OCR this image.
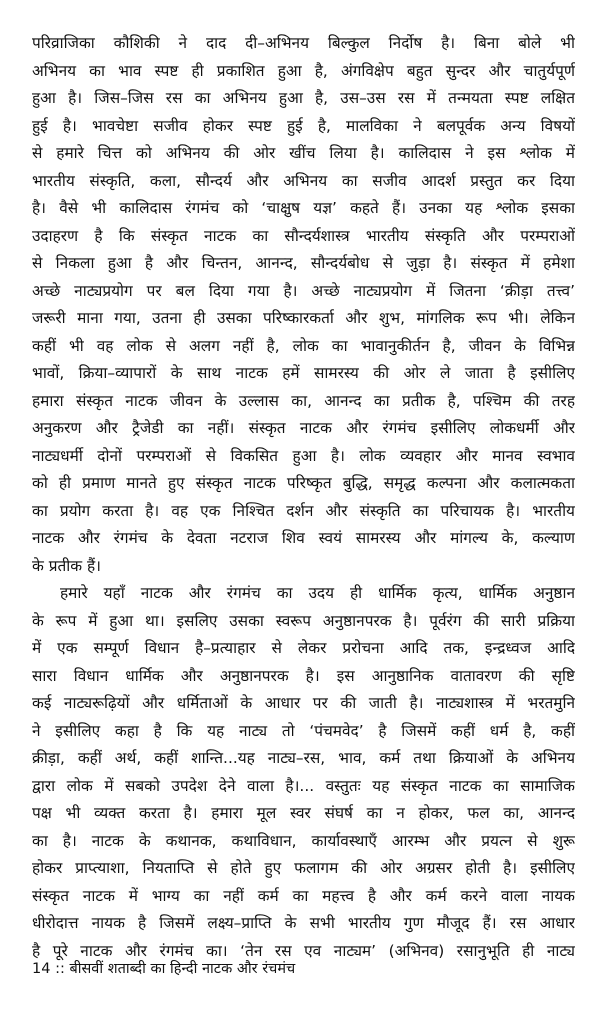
परिव्राजिका कौशिकी ने दाद दी–अभिनय बिल्कुल निर्दोष है। बिना बोले भी
अभिनय का भाव स्पष्ट ही प्रकाशित हुआ है, अंगविक्षेप बहुत सुन्दर और चातुर्यपूर्ण
हुआ है। जिस–जिस रस का अभिनय हुआ है, उस–उस रस में तन्मयता स्पष्ट लक्षित
हुई है। भावचेष्टा सजीव होकर स्पष्ट हुई है, मालविका ने बलपूर्वक अन्य विषयों
से हमारे चित्त को अभिनय की ओर खींच लिया है। कालिदास ने इस श्लोक में
भारतीय संस्कृति, कला, सौन्दर्य और अभिनय का सजीव आदर्श प्रस्तुत कर दिया
है। वैसे भी कालिदास रंगमंच को ‘चाक्षुष यज्ञ’ कहते हैं। उनका यह श्लोक इसका
उदाहरण है कि संस्कृत नाटक का सौन्दर्यशास्त्र भारतीय संस्कृति और परम्पराओं
से निकला हुआ है और चिन्तन, आनन्द, सौन्दर्यबोध से जुड़ा है। संस्कृत में हमेशा
अच्छे नाट्यप्रयोग पर बल दिया गया है। अच्छे नाट्यप्रयोग में जितना ‘क्रीड़ा तत्त्व’
जरूरी माना गया, उतना ही उसका परिष्कारकर्ता और शुभ, मांगलिक रूप भी। लेकिन
कहीं भी वह लोक से अलग नहीं है, लोक का भावानुकीर्तन है, जीवन के विभिन्न
भावों, क्रिया–व्यापारों के साथ नाटक हमें सामरस्य की ओर ले जाता है इसीलिए
हमारा संस्कृत नाटक जीवन के उल्लास का, आनन्द का प्रतीक है, पश्चिम की तरह
अनुकरण और ट्रैजेडी का नहीं। संस्कृत नाटक और रंगमंच इसीलिए लोकधर्मी और
नाट्यधर्मी दोनों परम्पराओं से विकसित हुआ है। लोक व्यवहार और मानव स्वभाव
को ही प्रमाण मानते हुए संस्कृत नाटक परिष्कृत बुद्धि, समृद्ध कल्पना और कलात्मकता
का प्रयोग करता है। वह एक निश्चित दर्शन और संस्कृति का परिचायक है। भारतीय
नाटक और रंगमंच के देवता नटराज शिव स्वयं सामरस्य और मांगल्य के, कल्याण
के प्रतीक हैं।

हमारे यहाँ नाटक और रंगमंच का उदय ही धार्मिक कृत्य, धार्मिक अनुष्ठान
के रूप में हुआ था। इसलिए उसका स्वरूप अनुष्ठानपरक है। पूर्वरंग की सारी प्रक्रिया
में एक सम्पूर्ण विधान है–प्रत्याहार से लेकर प्ररोचना आदि तक, इन्द्रध्वज आदि
सारा विधान धार्मिक और अनुष्ठानपरक है। इस आनुष्ठानिक वातावरण की सृष्टि
कई नाट्यरूढ़ियों और धर्मिताओं के आधार पर की जाती है। नाट्यशास्त्र में भरतमुनि
ने इसीलिए कहा है कि यह नाट्य तो ‘पंचमवेद’ है जिसमें कहीं धर्म है, कहीं
क्रीड़ा, कहीं अर्थ, कहीं शान्ति...यह नाट्य–रस, भाव, कर्म तथा क्रियाओं के अभिनय
द्वारा लोक में सबको उपदेश देने वाला है।... वस्तुतः यह संस्कृत नाटक का सामाजिक
पक्ष भी व्यक्त करता है। हमारा मूल स्वर संघर्ष का न होकर, फल का, आनन्द
का है। नाटक के कथानक, कथाविधान, कार्यावस्थाएँ आरम्भ और प्रयत्न से शुरू
होकर प्राप्त्याशा, नियताप्ति से होते हुए फलागम की ओर अग्रसर होती है। इसीलिए
संस्कृत नाटक में भाग्य का नहीं कर्म का महत्त्व है और कर्म करने वाला नायक
धीरोदात्त नायक है जिसमें लक्ष्य–प्राप्ति के सभी भारतीय गुण मौजूद हैं। रस आधार
है पूरे नाटक और रंगमंच का। ‘तेन रस एव नाट्यम’ (अभिनव) रसानुभूति ही नाट्य

14 :: बीसवीं शताब्दी का हिन्दी नाटक और रंचमंच
